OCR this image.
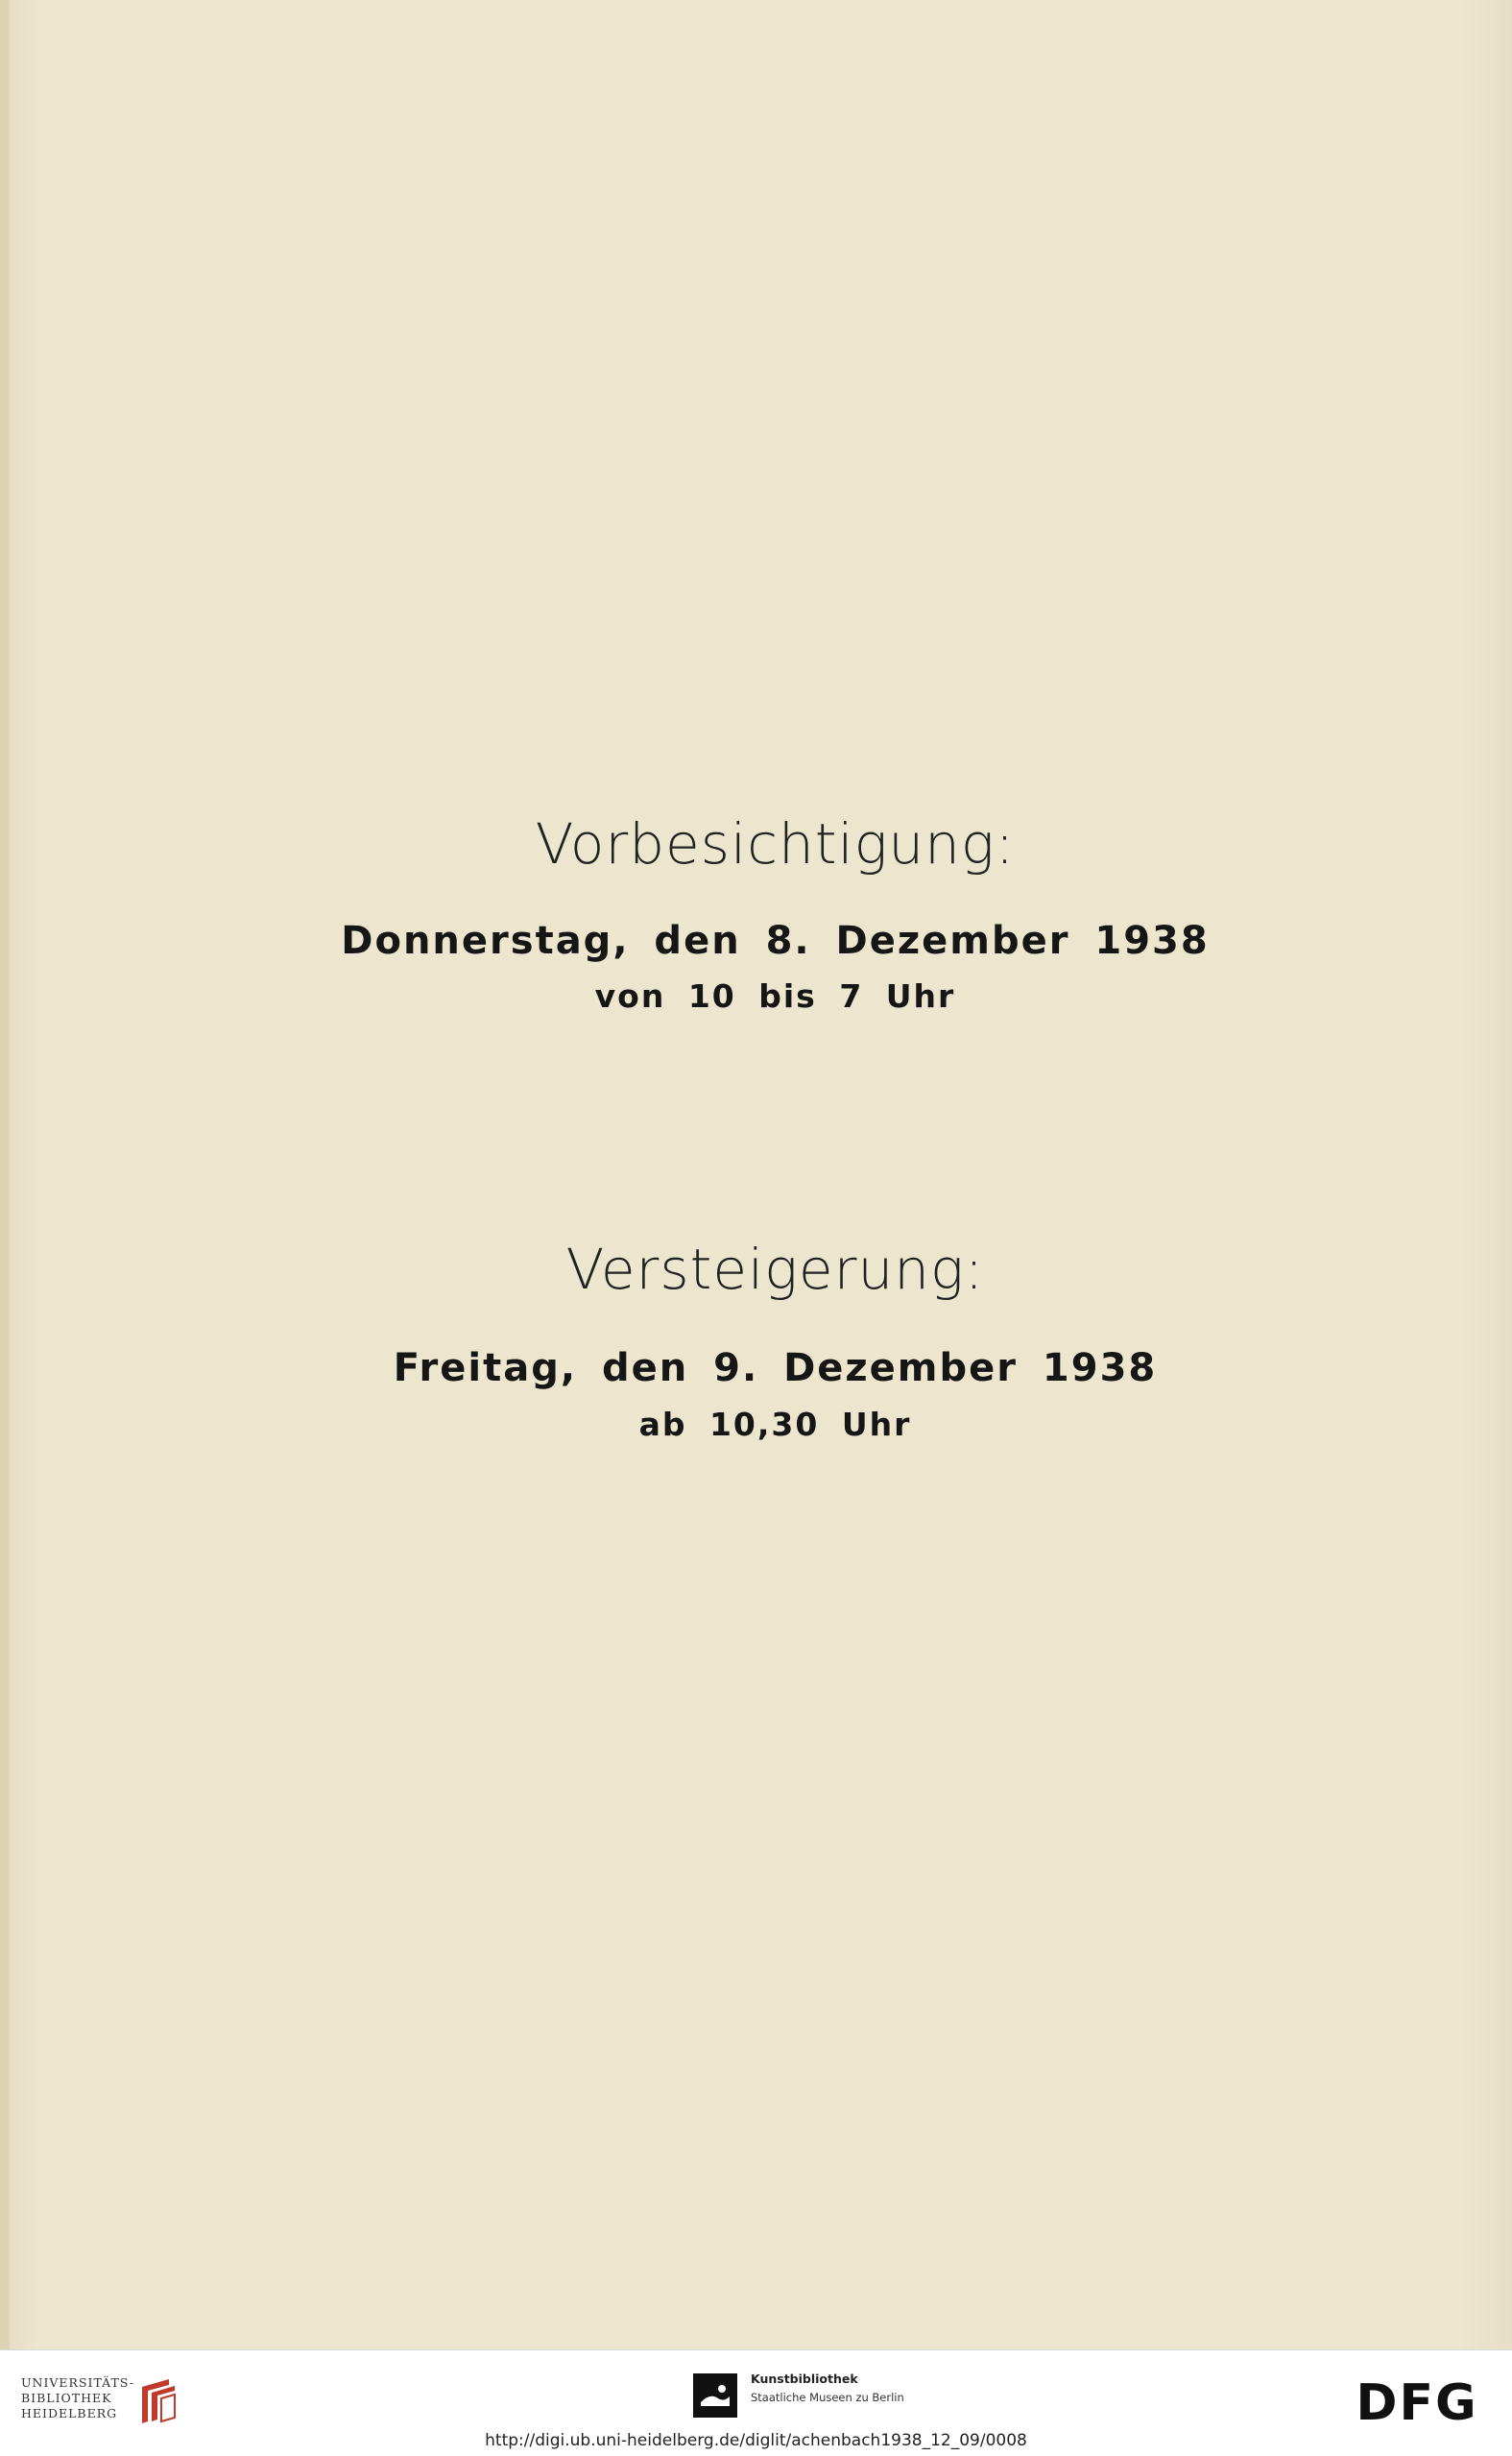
Vorbesichtigung:
Donnerstag, den 8. Dezember 1938
von 10 bis 7 Uhr
Versteigerung:
Freitag, den 9. Dezember 1938
ab 10,30 Uhr
UNIVERSITÄTS-
BIBLIOTHEK
HEIDELBERG
Kunstbibliothek
Staatliche Museen zu Berlin	DFG
http://digi.ub.uni-heidelberg.de/diglit/achenbach1938_12_09/0008
